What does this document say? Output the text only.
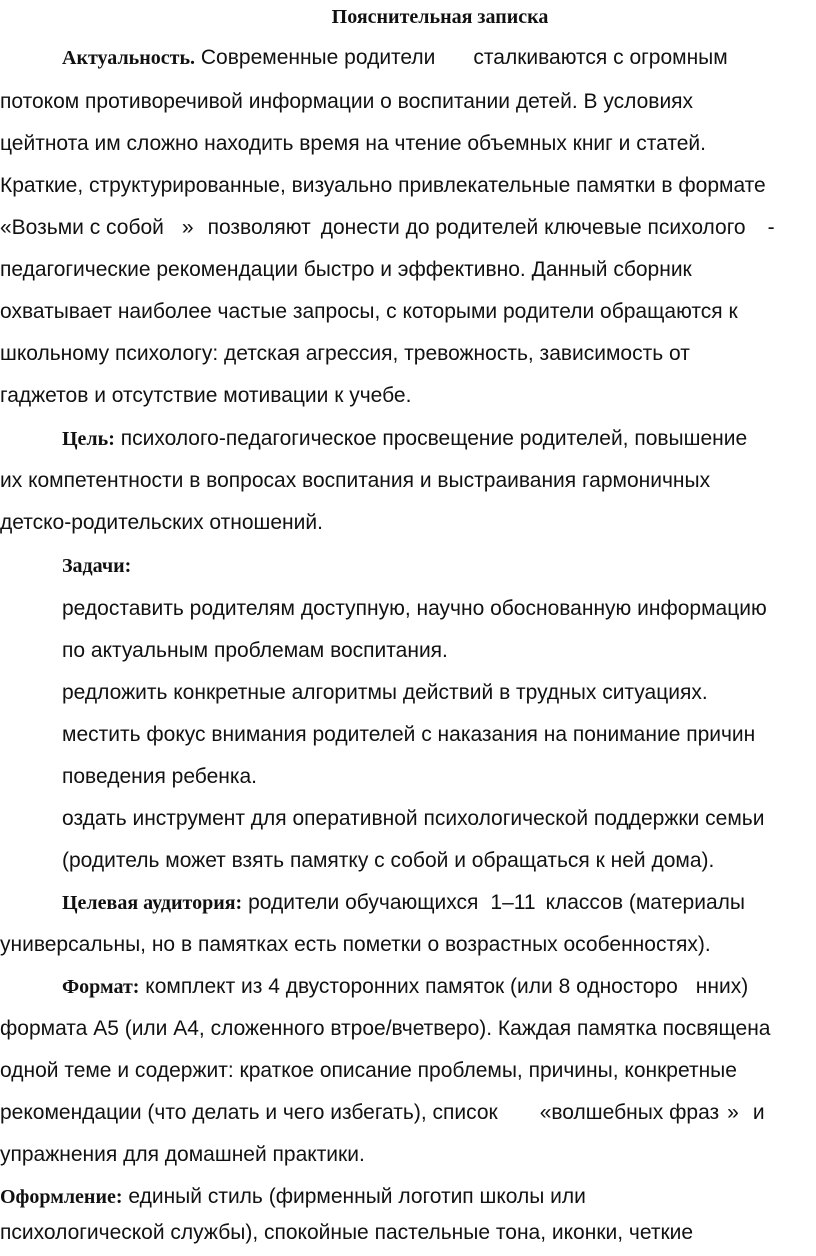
Пояснительная записка
Актуальность. Современные родители сталкиваются с огромным
потоком противоречивой информации о воспитании детей. В условиях
цейтнота им сложно находить время на чтение объемных книг и статей.
Краткие, структурированные, визуально привлекательные памятки в формате
«Возьми с собой » позволяют донести до родителей ключевые психолого -
педагогические рекомендации быстро и эффективно. Данный сборник
охватывает наиболее частые запросы, с которыми родители обращаются к
школьному психологу: детская агрессия, тревожность, зависимость от
гаджетов и отсутствие мотивации к учебе.
Цель: психолого-педагогическое просвещение родителей, повышение
их компетентности в вопросах воспитания и выстраивания гармоничных
детско-родительских отношений.
Задачи:
редоставить родителям доступную, научно обоснованную информацию
по актуальным проблемам воспитания.
редложить конкретные алгоритмы действий в трудных ситуациях.
местить фокус внимания родителей с наказания на понимание причин
поведения ребенка.
оздать инструмент для оперативной психологической поддержки семьи
(родитель может взять памятку с собой и обращаться к ней дома).
Целевая аудитория: родители обучающихся 1–11 классов (материалы
универсальны, но в памятках есть пометки о возрастных особенностях).
Формат: комплект из 4 двусторонних памяток (или 8 односторо нних)
формата А5 (или А4, сложенного втрое/вчетверо). Каждая памятка посвящена
одной теме и содержит: краткое описание проблемы, причины, конкретные
рекомендации (что делать и чего избегать), список «волшебных фраз » и
упражнения для домашней практики.
Оформление: единый стиль (фирменный логотип школы или
психологической службы), спокойные пастельные тона, иконки, четкие
